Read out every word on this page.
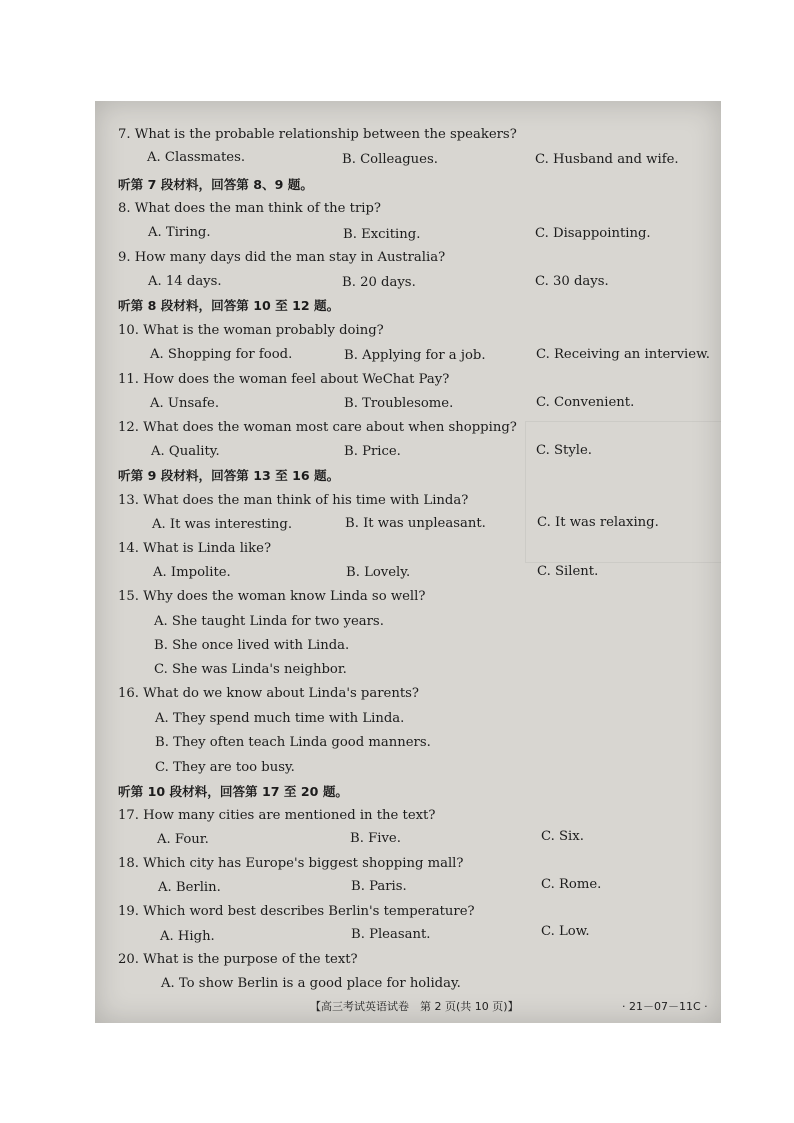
7. What is the probable relationship between the speakers?
A. Classmates.	B. Colleagues.	C. Husband and wife.
听第 7 段材料，回答第 8、9 题。
8. What does the man think of the trip?
A. Tiring.	B. Exciting.	C. Disappointing.
9. How many days did the man stay in Australia?
A. 14 days.	B. 20 days.	C. 30 days.
听第 8 段材料，回答第 10 至 12 题。
10. What is the woman probably doing?
A. Shopping for food.	B. Applying for a job.	C. Receiving an interview.
11. How does the woman feel about WeChat Pay?
A. Unsafe.	B. Troublesome.	C. Convenient.
12. What does the woman most care about when shopping?
A. Quality.	B. Price.	C. Style.
听第 9 段材料，回答第 13 至 16 题。
13. What does the man think of his time with Linda?
A. It was interesting.	B. It was unpleasant.	C. It was relaxing.
14. What is Linda like?
A. Impolite.	B. Lovely.	C. Silent.
15. Why does the woman know Linda so well?
A. She taught Linda for two years.
B. She once lived with Linda.
C. She was Linda's neighbor.
16. What do we know about Linda's parents?
A. They spend much time with Linda.
B. They often teach Linda good manners.
C. They are too busy.
听第 10 段材料，回答第 17 至 20 题。
17. How many cities are mentioned in the text?
A. Four.	B. Five.	C. Six.
18. Which city has Europe's biggest shopping mall?
A. Berlin.	B. Paris.	C. Rome.
19. Which word best describes Berlin's temperature?
A. High.	B. Pleasant.	C. Low.
20. What is the purpose of the text?
A. To show Berlin is a good place for holiday.
【高三考试英语试卷　第 2 页(共 10 页)】	· 21－07－11C ·
